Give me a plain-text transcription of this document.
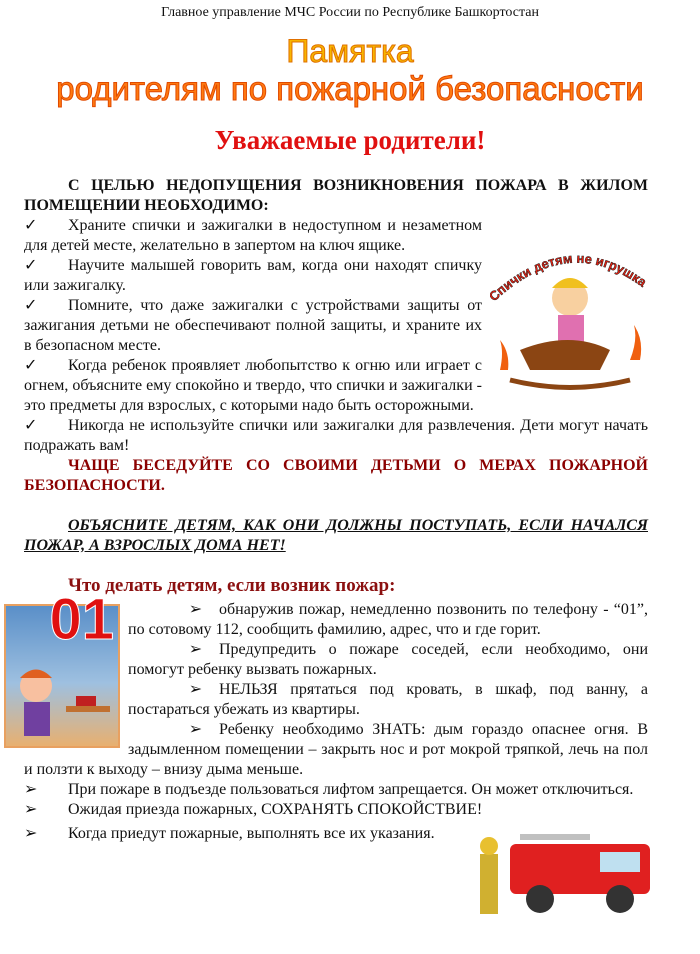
Главное управление МЧС России по Республике Башкортостан
Памятка
родителям по пожарной безопасности
Уважаемые родители!

С ЦЕЛЬЮ НЕДОПУЩЕНИЯ ВОЗНИКНОВЕНИЯ ПОЖАРА В ЖИЛОМ ПОМЕЩЕНИИ НЕОБХОДИМО:

пички детям не игрушка

✓ Храните спички и зажигалки в недоступном и незаметном для детей месте, желательно в запертом на ключ ящике.

✓ Научите малышей говорить вам, когда они находят спичку или зажигалку.

✓ Помните, что даже зажигалки с устройствами защиты от зажигания детьми не обеспечивают полной защиты, и храните их в безопасном месте.

✓ Когда ребенок проявляет любопытство к огню или играет с огнем, объясните ему спокойно и твердо, что спички и зажигалки - это предметы для взрослых, с которыми надо быть осторожными.

✓ Никогда не используйте спички или зажигалки для развлечения. Дети могут начать подражать вам!

ЧАЩЕ БЕСЕДУЙТЕ СО СВОИМИ ДЕТЬМИ О МЕРАХ ПОЖАРНОЙ БЕЗОПАСНОСТИ.

ОБЪЯСНИТЕ ДЕТЯМ, КАК ОНИ ДОЛЖНЫ ПОСТУПАТЬ, ЕСЛИ НАЧАЛСЯ ПОЖАР, А ВЗРОСЛЫХ ДОМА НЕТ!

Что делать детям, если возник пожар:

01	➢ обнаружив пожар, немедленно позвонить по телефону - “01”, по сотовому 112, сообщить фамилию, адрес, что и где горит.

➢ Предупредить о пожаре соседей, если необходимо, они помогут ребенку вызвать пожарных.

➢ НЕЛЬЗЯ прятаться под кровать, в шкаф, под ванну, а постараться убежать из квартиры.

➢ Ребенку необходимо ЗНАТЬ: дым гораздо опаснее огня. В задымленном помещении – закрыть нос и рот мокрой тряпкой, лечь на пол и ползти к выходу – внизу дыма меньше.

➢ При пожаре в подъезде пользоваться лифтом запрещается. Он может отключиться.

➢ Ожидая приезда пожарных, СОХРАНЯТЬ СПОКОЙСТВИЕ!

➢ Когда приедут пожарные, выполнять все их указания.
